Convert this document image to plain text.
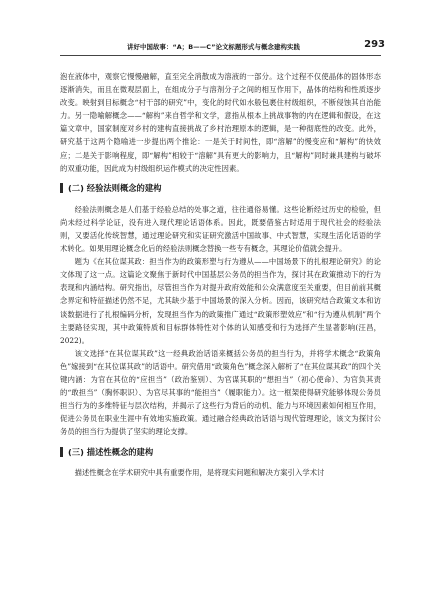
讲好中国故事：“A；B——C”论文标题形式与概念建构实践	293

泡在液体中，观察它慢慢融解，直至完全消散成为溶液的一部分。这个过程不仅使晶体的固体形态逐渐消失，而且在微观层面上，在组成分子与溶剂分子之间的相互作用下，晶体的结构和性质逐步改变。映射到目标概念“村干部的研究”中，变化的时代如水般包裹住村级组织，不断侵蚀其自治能力。另一隐喻解概念——“解构”来自哲学和文学，意指从根本上挑战事物的内在逻辑和假设，在这篇文章中，国家制度对乡村的建构直接挑战了乡村治理原本的逻辑，是一种彻底性的改变。此外，研究基于这两个隐喻进一步提出两个推论：一是关于时间性，即“溶解”的慢变应和“解构”的快效应；二是关于影响程度，即“解构”相较于“溶解”具有更大的影响力，且“解构”同时兼具建构与破坏的双重功能，因此成为村级组织运作模式的决定性因素。

(二) 经验法则概念的建构

经验法则概念是人们基于经验总结的处事之道，往往通俗易懂。这些论断经过历史的检验，但尚未经过科学论证，没有进入现代理论话语体系。因此，既要借鉴古时适用于现代社会的经验法则，又要活化传统智慧，通过理论研究和实证研究激活中国故事、中式智慧，实现生活化话语的学术转化。如果用理论概念化后的经验法则概念替换一些专有概念，其理论价值就会提升。

题为《在其位谋其政：担当作为的政策形塑与行为遵从——中国场景下的扎根理论研究》的论文体现了这一点。这篇论文聚焦于新时代中国基层公务员的担当作为，探讨其在政策推动下的行为表现和内涵结构。研究指出，尽管担当作为对提升政府效能和公众满意度至关重要，但目前前其概念界定和特征描述仍然不足，尤其缺少基于中国场景的深入分析。因而，该研究结合政策文本和访谈数据进行了扎根编码分析，发现担当作为的政策推广通过“政策形塑效应”和“行为遵从机制”两个主要路径实现，其中政策特质和目标群体特性对个体的认知感受和行为选择产生显著影响(汪昌，2022)。

该文选择“在其位谋其政”这一经典政治话语来概括公务员的担当行为，并将学术概念“政策角色”嫁接到“在其位谋其政”的话语中。研究借用“政策角色”概念深入解析了“在其位谋其政”的四个关键内涵：为官在其位的“应担当”（政治鉴别）、为官谋其职的“想担当”（初心使命）、为官负其责的“敢担当”（胸怀职识）、为官尽其事的“能担当”（履职能力）。这一框架使得研究能够体现公务员担当行为的多维特征与层次结构，并揭示了这些行为背后的动机、能力与环境因素如何相互作用，促进公务员在职业生涯中有效地实施政策。通过融合经典政治话语与现代管理理论，该文为探讨公务员的担当行为提供了坚实的理论支撑。

(三) 描述性概念的建构

描述性概念在学术研究中具有重要作用，是将现实问题和解决方案引入学术讨
